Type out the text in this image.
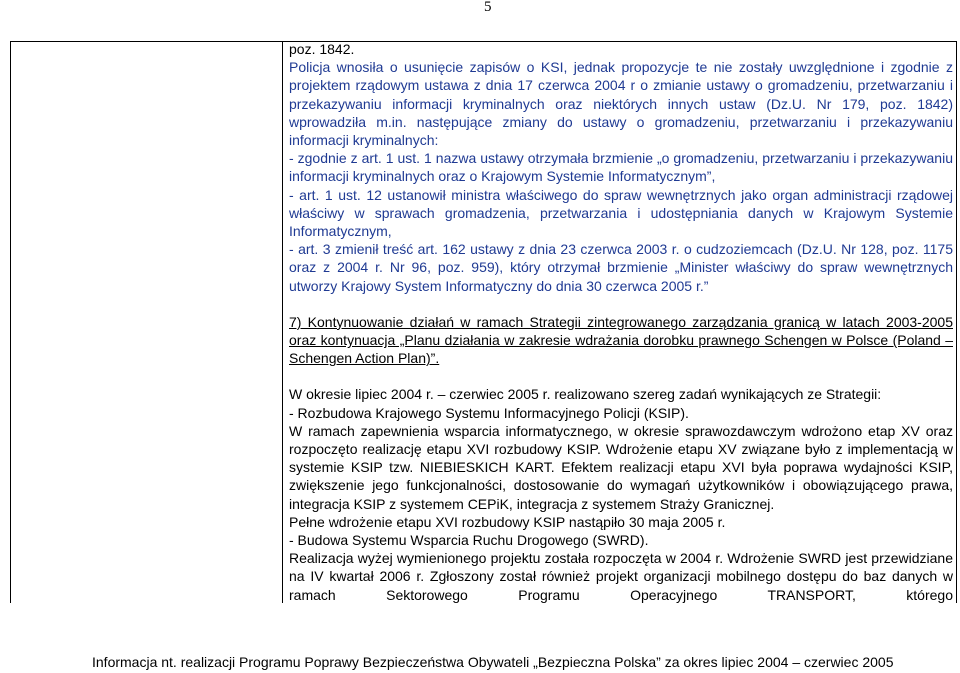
5

poz. 1842.

Policja wnosiła o usunięcie zapisów o KSI, jednak propozycje te nie zostały uwzględnione i zgodnie z projektem rządowym ustawa z dnia 17 czerwca 2004 r o zmianie ustawy o gromadzeniu, przetwarzaniu i przekazywaniu informacji kryminalnych oraz niektórych innych ustaw (Dz.U. Nr 179, poz. 1842) wprowadziła m.in. następujące zmiany do ustawy o gromadzeniu, przetwarzaniu i przekazywaniu informacji kryminalnych:

- zgodnie z art. 1 ust. 1 nazwa ustawy otrzymała brzmienie „o gromadzeniu, przetwarzaniu i przekazywaniu informacji kryminalnych oraz o Krajowym Systemie Informatycznym”,

- art. 1 ust. 12 ustanowił ministra właściwego do spraw wewnętrznych jako organ administracji rządowej właściwy w sprawach gromadzenia, przetwarzania i udostępniania danych w Krajowym Systemie Informatycznym,

- art. 3 zmienił treść art. 162 ustawy z dnia 23 czerwca 2003 r. o cudzoziemcach (Dz.U. Nr 128, poz. 1175 oraz z 2004 r. Nr 96, poz. 959), który otrzymał brzmienie „Minister właściwy do spraw wewnętrznych utworzy Krajowy System Informatyczny do dnia 30 czerwca 2005 r.”

7) Kontynuowanie działań w ramach Strategii zintegrowanego zarządzania granicą w latach 2003-2005 oraz kontynuacja „Planu działania w zakresie wdrażania dorobku prawnego Schengen w Polsce (Poland – Schengen Action Plan)”.

W okresie lipiec 2004 r. – czerwiec 2005 r. realizowano szereg zadań wynikających ze Strategii:

- Rozbudowa Krajowego Systemu Informacyjnego Policji (KSIP).

W ramach zapewnienia wsparcia informatycznego, w okresie sprawozdawczym wdrożono etap XV oraz rozpoczęto realizację etapu XVI rozbudowy KSIP. Wdrożenie etapu XV związane było z implementacją w systemie KSIP tzw. NIEBIESKICH KART. Efektem realizacji etapu XVI była poprawa wydajności KSIP, zwiększenie jego funkcjonalności, dostosowanie do wymagań użytkowników i obowiązującego prawa, integracja KSIP z systemem CEPiK, integracja z systemem Straży Granicznej.

Pełne wdrożenie etapu XVI rozbudowy KSIP nastąpiło 30 maja 2005 r.

- Budowa Systemu Wsparcia Ruchu Drogowego (SWRD).

Realizacja wyżej wymienionego projektu została rozpoczęta w 2004 r. Wdrożenie SWRD jest przewidziane na IV kwartał 2006 r. Zgłoszony został również projekt organizacji mobilnego dostępu do baz danych w ramach Sektorowego Programu Operacyjnego TRANSPORT, którego

Informacja nt. realizacji Programu Poprawy Bezpieczeństwa Obywateli „Bezpieczna Polska” za okres lipiec 2004 – czerwiec 2005
